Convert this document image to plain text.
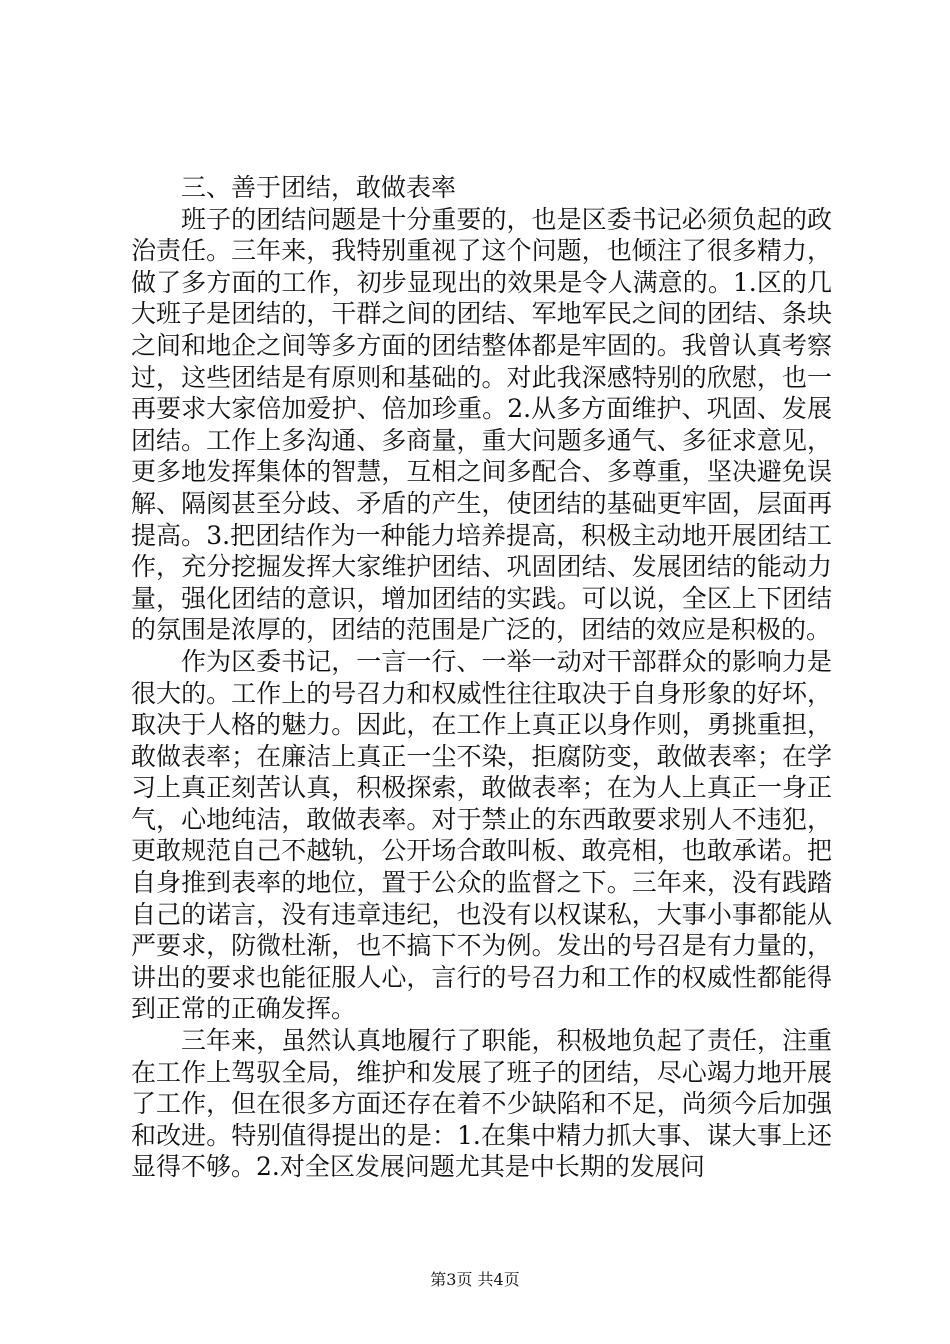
三、善于团结，敢做表率

班子的团结问题是十分重要的，也是区委书记必须负起的政治责任。三年来，我特别重视了这个问题，也倾注了很多精力，做了多方面的工作，初步显现出的效果是令人满意的。1.区的几大班子是团结的，干群之间的团结、军地军民之间的团结、条块之间和地企之间等多方面的团结整体都是牢固的。我曾认真考察过，这些团结是有原则和基础的。对此我深感特别的欣慰，也一再要求大家倍加爱护、倍加珍重。2.从多方面维护、巩固、发展团结。工作上多沟通、多商量，重大问题多通气、多征求意见，更多地发挥集体的智慧，互相之间多配合、多尊重，坚决避免误解、隔阂甚至分歧、矛盾的产生，使团结的基础更牢固，层面再提高。3.把团结作为一种能力培养提高，积极主动地开展团结工作，充分挖掘发挥大家维护团结、巩固团结、发展团结的能动力量，强化团结的意识，增加团结的实践。可以说，全区上下团结的氛围是浓厚的，团结的范围是广泛的，团结的效应是积极的。

作为区委书记，一言一行、一举一动对干部群众的影响力是很大的。工作上的号召力和权威性往往取决于自身形象的好坏，取决于人格的魅力。因此，在工作上真正以身作则，勇挑重担，敢做表率；在廉洁上真正一尘不染，拒腐防变，敢做表率；在学习上真正刻苦认真，积极探索，敢做表率；在为人上真正一身正气，心地纯洁，敢做表率。对于禁止的东西敢要求别人不违犯，更敢规范自己不越轨，公开场合敢叫板、敢亮相，也敢承诺。把自身推到表率的地位，置于公众的监督之下。三年来，没有践踏自己的诺言，没有违章违纪，也没有以权谋私，大事小事都能从严要求，防微杜渐，也不搞下不为例。发出的号召是有力量的，讲出的要求也能征服人心，言行的号召力和工作的权威性都能得到正常的正确发挥。

三年来，虽然认真地履行了职能，积极地负起了责任，注重在工作上驾驭全局，维护和发展了班子的团结，尽心竭力地开展了工作，但在很多方面还存在着不少缺陷和不足，尚须今后加强和改进。特别值得提出的是：1.在集中精力抓大事、谋大事上还显得不够。2.对全区发展问题尤其是中长期的发展问

第3页 共4页
